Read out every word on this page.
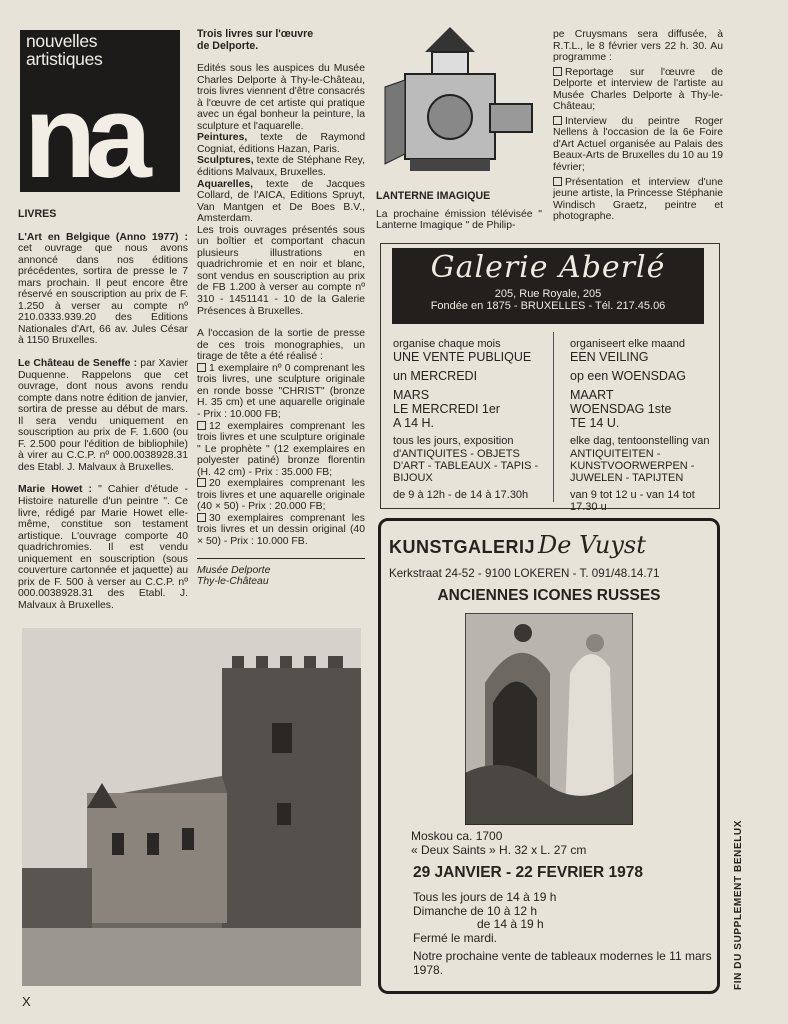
nouvelles
artistiques
na

LIVRES

L'Art en Belgique (Anno 1977) : cet ouvrage que nous avons annoncé dans nos éditions précédentes, sortira de presse le 7 mars prochain. Il peut encore être réservé en souscription au prix de F. 1.250 à verser au compte nº 210.0333.939.20 des Editions Nationales d'Art, 66 av. Jules César à 1150 Bruxelles.

Le Château de Seneffe : par Xavier Duquenne. Rappelons que cet ouvrage, dont nous avons rendu compte dans notre édition de janvier, sortira de presse au début de mars. Il sera vendu uniquement en souscription au prix de F. 1.600 (ou F. 2.500 pour l'édition de bibliophile) à virer au C.C.P. nº 000.0038928.31 des Etabl. J. Malvaux à Bruxelles.

Marie Howet : " Cahier d'étude - Histoire naturelle d'un peintre ". Ce livre, rédigé par Marie Howet elle-même, constitue son testament artistique. L'ouvrage comporte 40 quadrichromies. Il est vendu uniquement en souscription (sous couverture cartonnée et jaquette) au prix de F. 500 à verser au C.C.P. nº 000.0038928.31 des Etabl. J. Malvaux à Bruxelles.

Trois livres sur l'œuvre de Delporte.

Edités sous les auspices du Musée Charles Delporte à Thy-le-Château, trois livres viennent d'être consacrés à l'œuvre de cet artiste qui pratique avec un égal bonheur la peinture, la sculpture et l'aquarelle.
Peintures, texte de Raymond Cogniat, éditions Hazan, Paris.
Sculptures, texte de Stéphane Rey, éditions Malvaux, Bruxelles.
Aquarelles, texte de Jacques Collard, de l'AICA, Editions Spruyt, Van Mantgen et De Boes B.V., Amsterdam.

Les trois ouvrages présentés sous un boîtier et comportant chacun plusieurs illustrations en quadrichromie et en noir et blanc, sont vendus en souscription au prix de FB 1.200 à verser au compte nº 310 - 1451141 - 10 de la Galerie Présences à Bruxelles.

A l'occasion de la sortie de presse de ces trois monographies, un tirage de tête a été réalisé :
1 exemplaire nº 0 comprenant les trois livres, une sculpture originale en ronde bosse "CHRIST" (bronze H. 35 cm) et une aquarelle originale - Prix : 10.000 FB;
12 exemplaires comprenant les trois livres et une sculpture originale " Le prophète " (12 exemplaires en polyester patiné) bronze florentin (H. 42 cm) - Prix : 35.000 FB;
20 exemplaires comprenant les trois livres et une aquarelle originale (40 × 50) - Prix : 20.000 FB;
30 exemplaires comprenant les trois livres et un dessin original (40 × 50) - Prix : 10.000 FB.
Musée Delporte
Thy-le-Château

LANTERNE IMAGIQUE

La prochaine émission télévisée " Lanterne Imagique " de Philip-
pe Cruysmans sera diffusée, à R.T.L., le 8 février vers 22 h. 30. Au programme :
Reportage sur l'œuvre de Delporte et interview de l'artiste au Musée Charles Delporte à Thy-le-Château;
Interview du peintre Roger Nellens à l'occasion de la 6e Foire d'Art Actuel organisée au Palais des Beaux-Arts de Bruxelles du 10 au 19 février;
Présentation et interview d'une jeune artiste, la Princesse Stéphanie Windisch Graetz, peintre et photographe.
Galerie Aberlé
205, Rue Royale, 205
Fondée en 1875 - BRUXELLES - Tél. 217.45.06
organise chaque mois
UNE VENTE PUBLIQUE
un MERCREDI
MARS
LE MERCREDI 1er
A 14 H.
tous les jours, exposition d'ANTIQUITES - OBJETS D'ART - TABLEAUX - TAPIS - BIJOUX
de 9 à 12h - de 14 à 17.30h
organiseert elke maand
EEN VEILING
op een WOENSDAG
MAART
WOENSDAG 1ste
TE 14 U.
elke dag, tentoonstelling van ANTIQUITEITEN - KUNSTVOORWERPEN - JUWELEN - TAPIJTEN
van 9 tot 12 u - van 14 tot 17.30 u
KUNSTGALERIJ De Vuyst
Kerkstraat 24-52 - 9100 LOKEREN - T. 091/48.14.71
ANCIENNES ICONES RUSSES
Moskou ca. 1700
« Deux Saints » H. 32 x L. 27 cm
29 JANVIER - 22 FEVRIER 1978
Tous les jours de 14 à 19 h
Dimanche de 10 à 12 h
de 14 à 19 h
Fermé le mardi.
Notre prochaine vente de tableaux modernes le 11 mars 1978.	FIN DU SUPPLEMENT BENELUX
X
